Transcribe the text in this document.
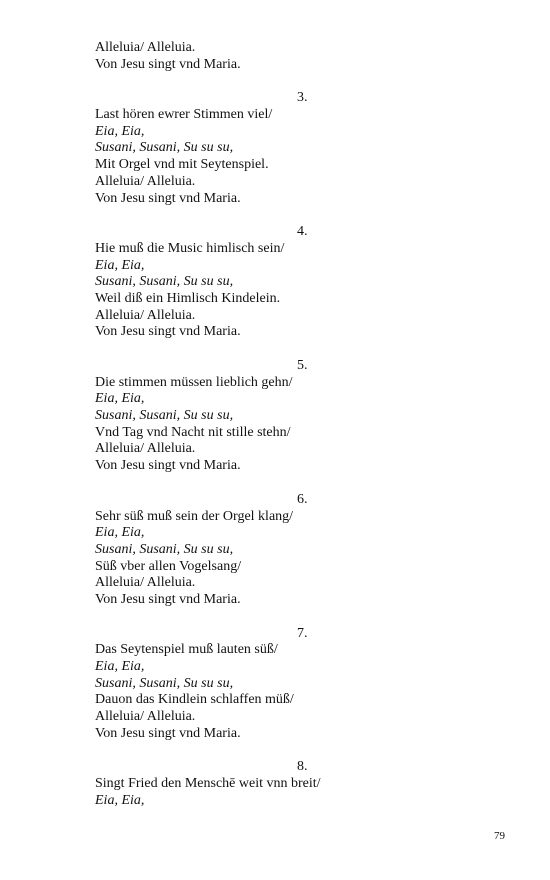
Alleluia/ Alleluia.
Von Jesu singt vnd Maria.
3.
Last hören ewrer Stimmen viel/
Eia, Eia,
Susani, Susani, Su su su,
Mit Orgel vnd mit Seytenspiel.
Alleluia/ Alleluia.
Von Jesu singt vnd Maria.
4.
Hie muß die Music himlisch sein/
Eia, Eia,
Susani, Susani, Su su su,
Weil diß ein Himlisch Kindelein.
Alleluia/ Alleluia.
Von Jesu singt vnd Maria.
5.
Die stimmen müssen lieblich gehn/
Eia, Eia,
Susani, Susani, Su su su,
Vnd Tag vnd Nacht nit stille stehn/
Alleluia/ Alleluia.
Von Jesu singt vnd Maria.
6.
Sehr süß muß sein der Orgel klang/
Eia, Eia,
Susani, Susani, Su su su,
Süß vber allen Vogelsang/
Alleluia/ Alleluia.
Von Jesu singt vnd Maria.
7.
Das Seytenspiel muß lauten süß/
Eia, Eia,
Susani, Susani, Su su su,
Dauon das Kindlein schlaffen müß/
Alleluia/ Alleluia.
Von Jesu singt vnd Maria.
8.
Singt Fried den Menschē weit vnn breit/
Eia, Eia,
79
